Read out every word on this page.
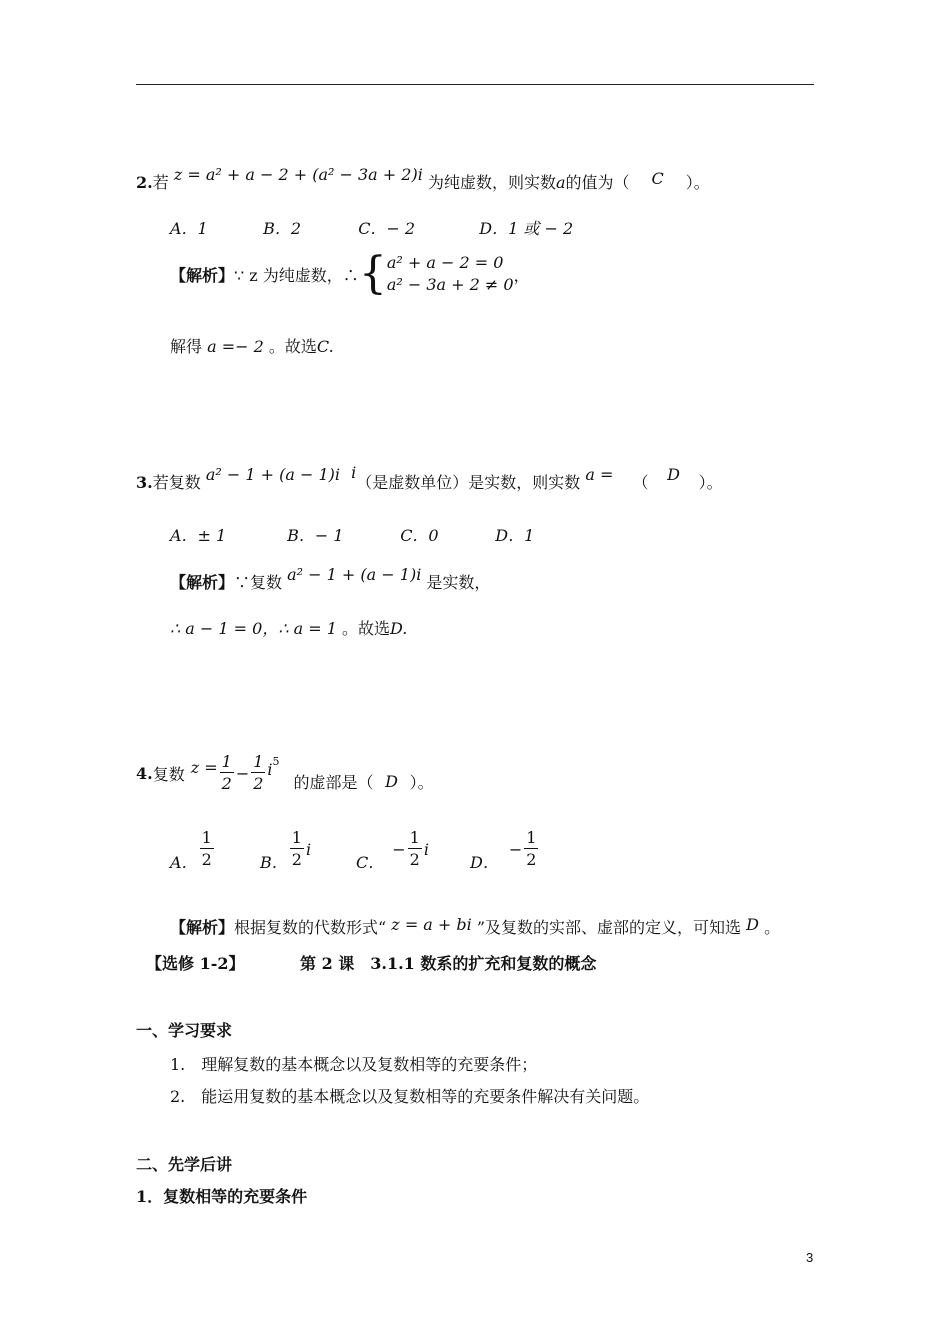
2.若 z = a² + a − 2 + (a² − 3a + 2)i 为纯虚数，则实数a的值为（ C ）。
A．1	B．2	C．− 2	D．1 或 − 2
【解析】 ∵ z 为纯虚数，∴ { a² + a − 2 = 0
a² − 3a + 2 ≠ 0 ，
解得 a =− 2 。故选C.
3.若复数 a² − 1 + (a − 1)i i（是虚数单位）是实数，则实数 a = （ D ）。
A．± 1	B．− 1	C．0	D．1
【解析】∵复数 a² − 1 + (a − 1)i 是实数，
∴ a − 1 = 0，∴ a = 1 。故选D.
4. 复数 $z = \frac{1}{2} - \frac{1}{2}$ i 5
的虚部是（ D ）。
A． $\frac{1}{2}$	B． $\frac{1}{2}$ i
C．
− $\frac{1}{2}$ i
D．
− $\frac{1}{2}$
【解析】根据复数的代数形式“ z = a + bi ”及复数的实部、虚部的定义，可知选 D 。
【选修 1-2】	第 2 课　3.1.1 数系的扩充和复数的概念
一、学习要求
1.　理解复数的基本概念以及复数相等的充要条件；
2.　能运用复数的基本概念以及复数相等的充要条件解决有关问题。
二、先学后讲
1．复数相等的充要条件
3
